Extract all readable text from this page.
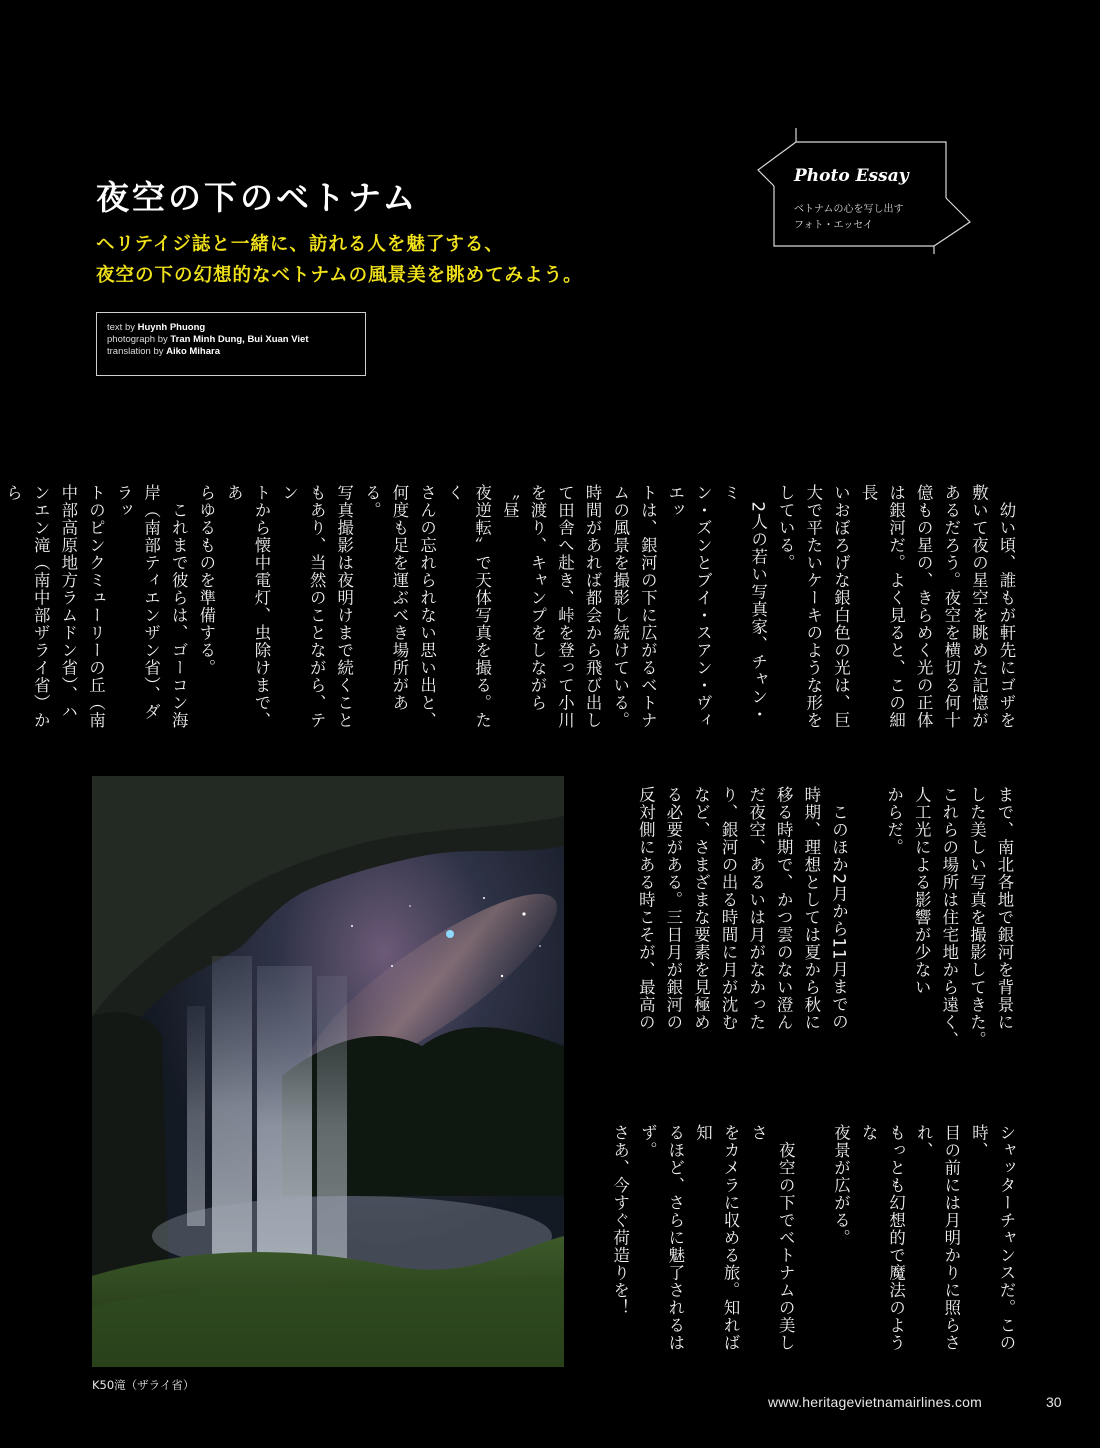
夜空の下のベトナム

ヘリテイジ誌と一緒に、訪れる人を魅了する、

夜空の下の幻想的なベトナムの風景美を眺めてみよう。

Photo Essay
ベトナムの心を写し出す
フォト・エッセイ
text by Huynh Phuong
photograph by Tran Minh Dung, Bui Xuan Viet
translation by Aiko Mihara
　幼い頃、誰もが軒先にゴザを
敷いて夜の星空を眺めた記憶が
あるだろう。夜空を横切る何十
億もの星の、きらめく光の正体
は銀河だ。よく見ると、この細長
いおぼろげな銀白色の光は、巨
大で平たいケーキのような形を
している。
　2人の若い写真家、チャン・ミ
ン・ズンとブイ・スアン・ヴィエッ
トは、銀河の下に広がるベトナ
ムの風景を撮影し続けている。
時間があれば都会から飛び出し
て田舎へ赴き、峠を登って小川
を渡り、キャンプをしながら〝昼
夜逆転〟で天体写真を撮る。たく
さんの忘れられない思い出と、
何度も足を運ぶべき場所がある。
写真撮影は夜明けまで続くこと
もあり、当然のことながら、テン
トから懐中電灯、虫除けまで、あ
らゆるものを準備する。
　これまで彼らは、ゴーコン海
岸（南部ティエンザン省）、ダラッ
トのピンクミューリーの丘（南
中部高原地方ラムドン省）、ハ
ンエン滝（南中部ザライ省）から

まで、南北各地で銀河を背景に
した美しい写真を撮影してきた。
これらの場所は住宅地から遠く、
人工光による影響が少ない
からだ。

　このほか2月から11月までの
時期、理想としては夏から秋に
移る時期で、かつ雲のない澄ん
だ夜空、あるいは月がなかった
り、銀河の出る時間に月が沈む
など、さまざまな要素を見極め
る必要がある。三日月が銀河の
反対側にある時こそが、最高の
シャッターチャンスだ。この時、
目の前には月明かりに照らされ、
もっとも幻想的で魔法のような
夜景が広がる。

　夜空の下でベトナムの美しさ
をカメラに収める旅。知れば知
るほど、さらに魅了されるはず。
さあ、今すぐ荷造りを！
K50滝（ザライ省）
www.heritagevietnamairlines.com	30
